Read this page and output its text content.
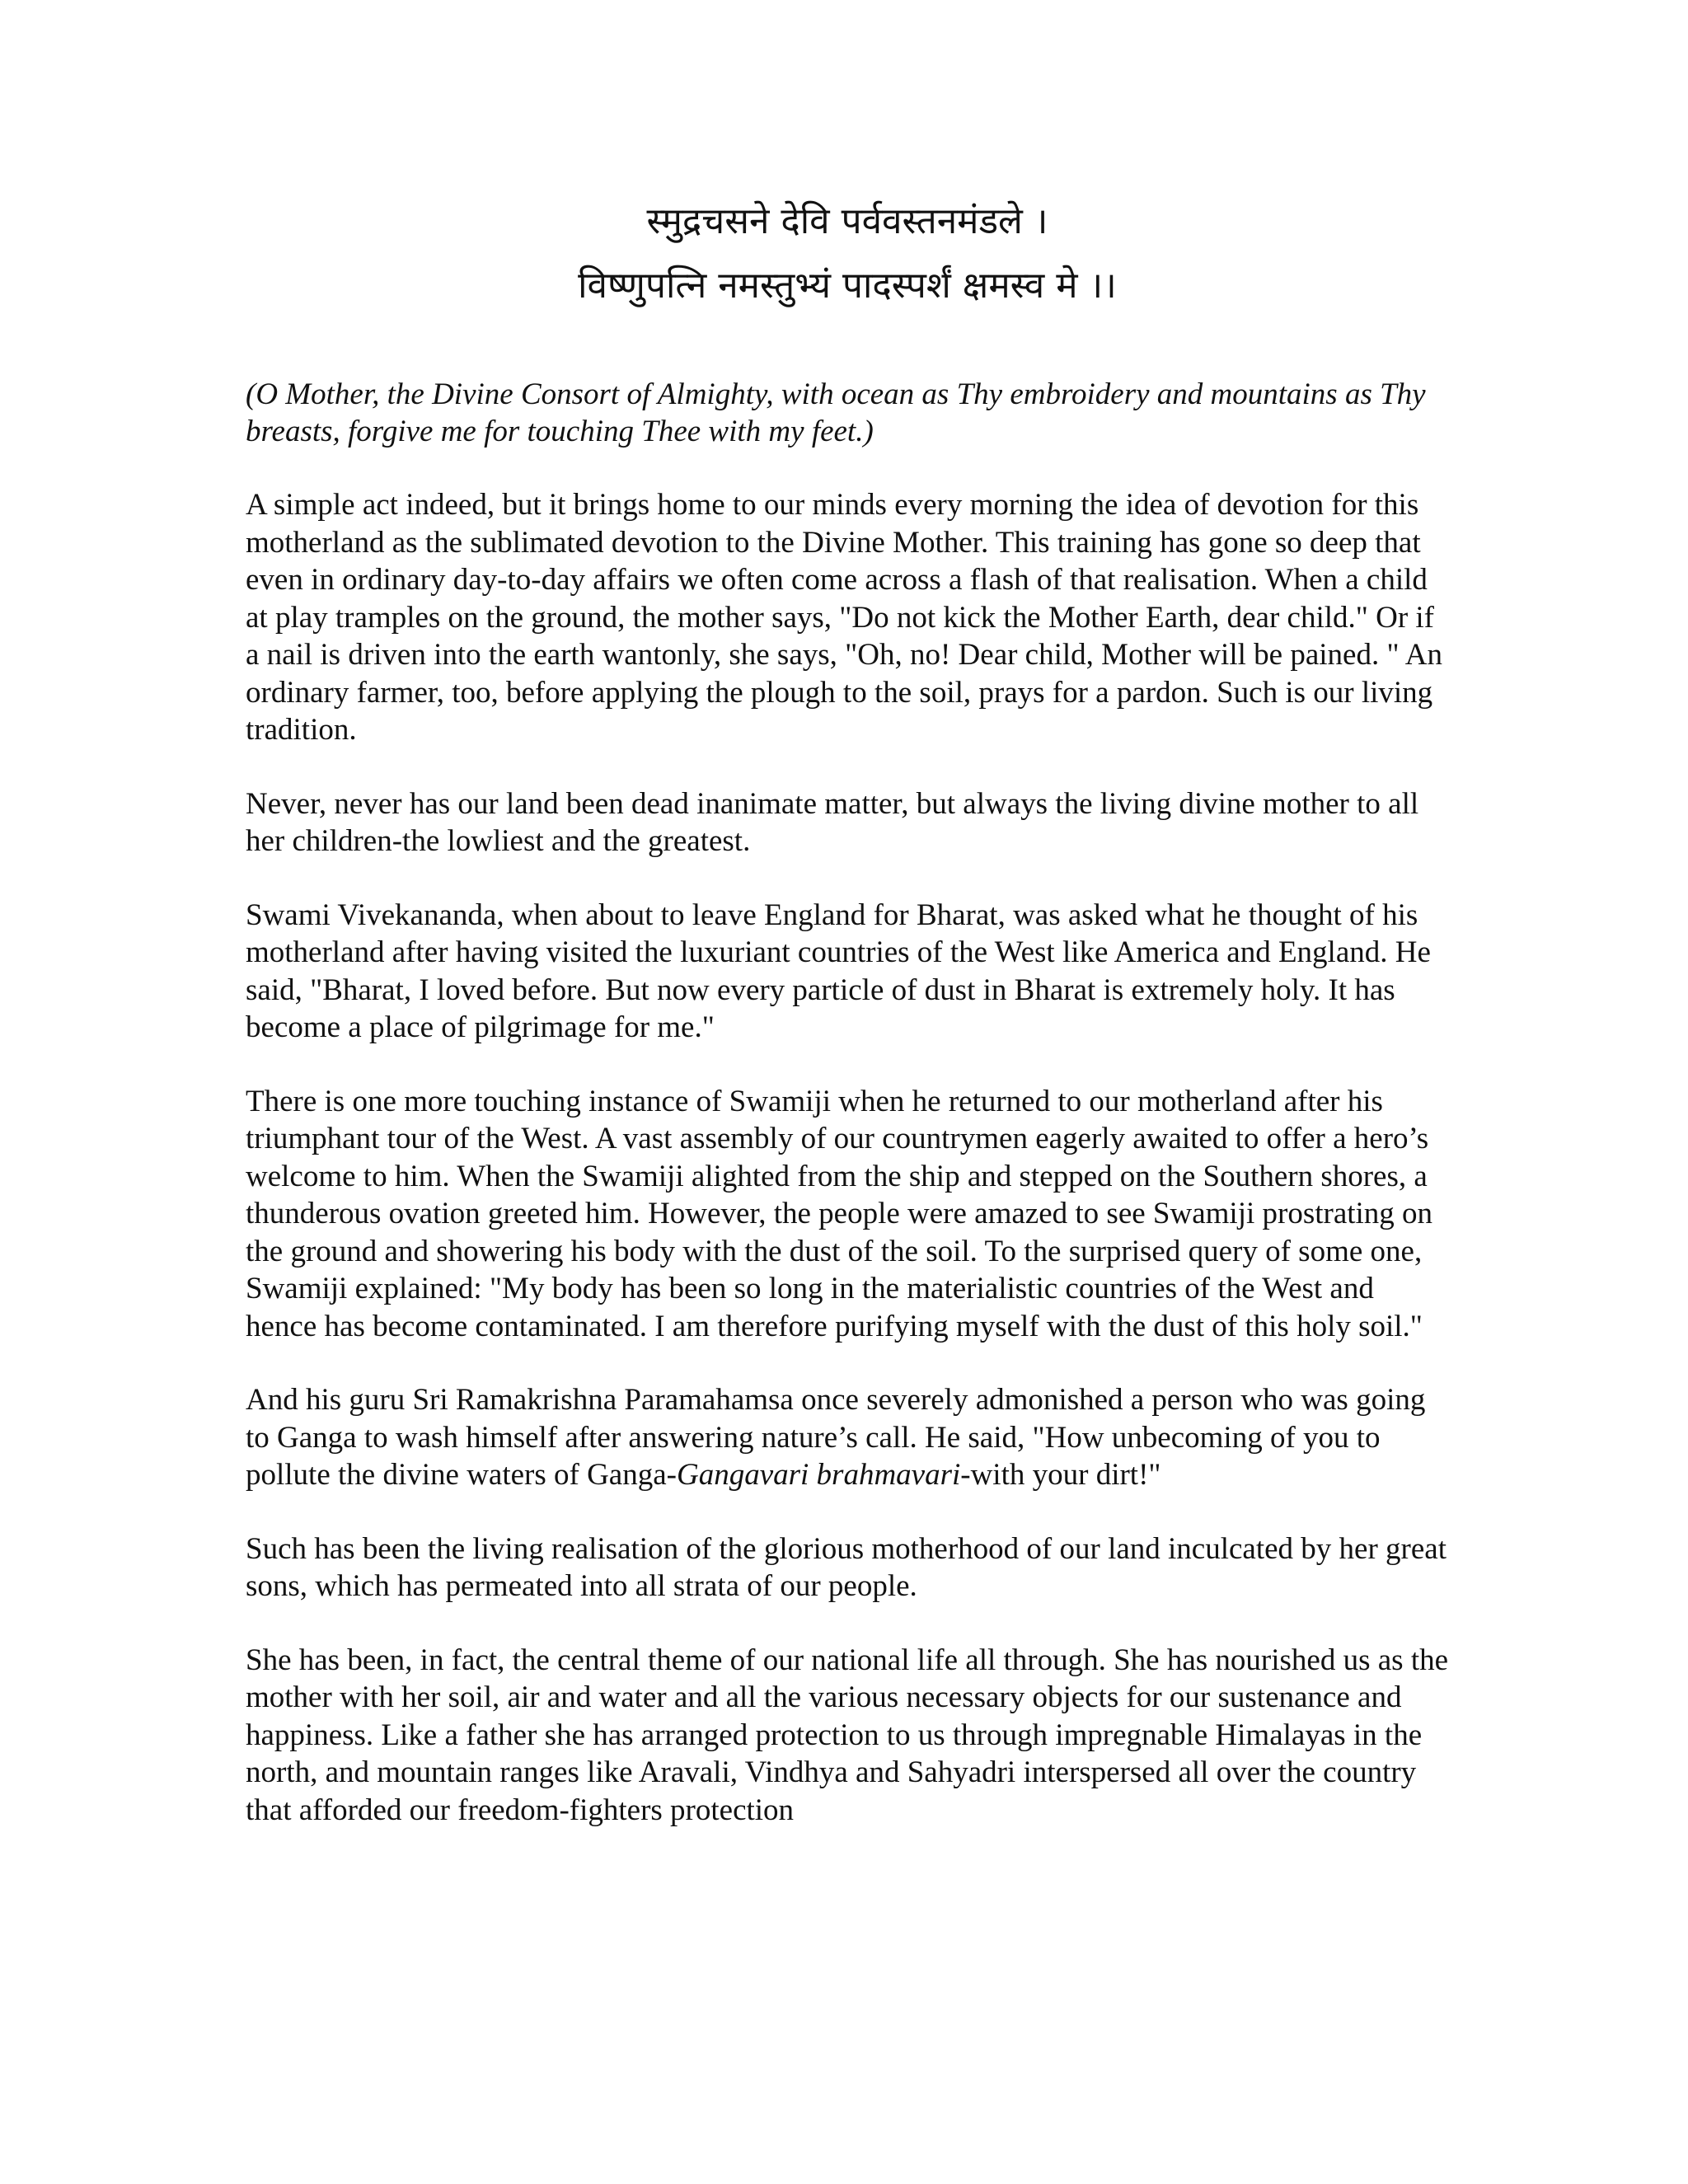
स्मुद्रचसने देवि पर्ववस्तनमंडले ।
विष्णुपत्नि नमस्तुभ्यं पादस्पर्शं क्षमस्व मे ।।
(O Mother, the Divine Consort of Almighty, with ocean as Thy embroidery and mountains as Thy breasts, forgive me for touching Thee with my feet.)

A simple act indeed, but it brings home to our minds every morning the idea of devotion for this motherland as the sublimated devotion to the Divine Mother. This training has gone so deep that even in ordinary day-to-day affairs we often come across a flash of that realisation. When a child at play tramples on the ground, the mother says, "Do not kick the Mother Earth, dear child." Or if a nail is driven into the earth wantonly, she says, "Oh, no! Dear child, Mother will be pained. " An ordinary farmer, too, before applying the plough to the soil, prays for a pardon. Such is our living tradition.

Never, never has our land been dead inanimate matter, but always the living divine mother to all her children-the lowliest and the greatest.

Swami Vivekananda, when about to leave England for Bharat, was asked what he thought of his motherland after having visited the luxuriant countries of the West like America and England. He said, "Bharat, I loved before. But now every particle of dust in Bharat is extremely holy. It has become a place of pilgrimage for me."

There is one more touching instance of Swamiji when he returned to our motherland after his triumphant tour of the West. A vast assembly of our countrymen eagerly awaited to offer a hero’s welcome to him. When the Swamiji alighted from the ship and stepped on the Southern shores, a thunderous ovation greeted him. However, the people were amazed to see Swamiji prostrating on the ground and showering his body with the dust of the soil. To the surprised query of some one, Swamiji explained: "My body has been so long in the materialistic countries of the West and hence has become contaminated. I am therefore purifying myself with the dust of this holy soil."

And his guru Sri Ramakrishna Paramahamsa once severely admonished a person who was going to Ganga to wash himself after answering nature’s call. He said, "How unbecoming of you to pollute the divine waters of Ganga-Gangavari brahmavari-with your dirt!"

Such has been the living realisation of the glorious motherhood of our land inculcated by her great sons, which has permeated into all strata of our people.

She has been, in fact, the central theme of our national life all through. She has nourished us as the mother with her soil, air and water and all the various necessary objects for our sustenance and happiness. Like a father she has arranged protection to us through impregnable Himalayas in the north, and mountain ranges like Aravali, Vindhya and Sahyadri interspersed all over the country that afforded our freedom-fighters protection
